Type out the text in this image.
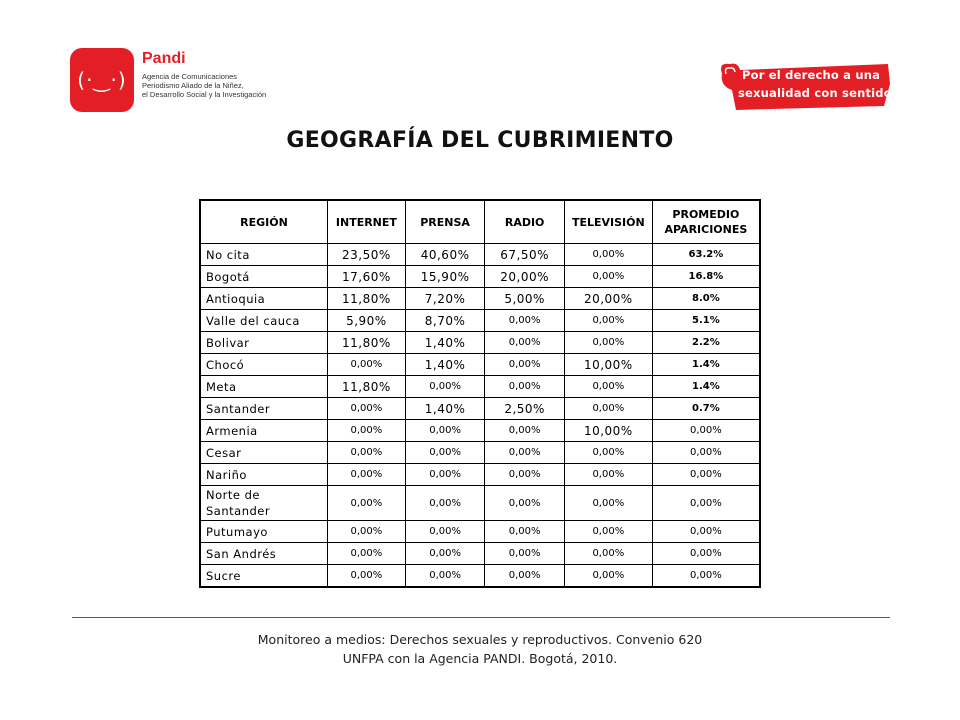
(·‿·)
Pandi
Agencia de Comunicaciones
Periodismo Aliado de la Niñez,
el Desarrollo Social y la Investigación
Por el derecho a una
sexualidad con sentido
GEOGRAFÍA DEL CUBRIMIENTO
REGIÓN	INTERNET	PRENSA	RADIO	TELEVISIÓN	PROMEDIO APARICIONES
No cita	23,50%	40,60%	67,50%	0,00%	63.2%
Bogotá	17,60%	15,90%	20,00%	0,00%	16.8%
Antioquia	11,80%	7,20%	5,00%	20,00%	8.0%
Valle del cauca	5,90%	8,70%	0,00%	0,00%	5.1%
Bolivar	11,80%	1,40%	0,00%	0,00%	2.2%
Chocó	0,00%	1,40%	0,00%	10,00%	1.4%
Meta	11,80%	0,00%	0,00%	0,00%	1.4%
Santander	0,00%	1,40%	2,50%	0,00%	0.7%
Armenia	0,00%	0,00%	0,00%	10,00%	0,00%
Cesar	0,00%	0,00%	0,00%	0,00%	0,00%
Nariño	0,00%	0,00%	0,00%	0,00%	0,00%
Norte de Santander	0,00%	0,00%	0,00%	0,00%	0,00%
Putumayo	0,00%	0,00%	0,00%	0,00%	0,00%
San Andrés	0,00%	0,00%	0,00%	0,00%	0,00%
Sucre	0,00%	0,00%	0,00%	0,00%	0,00%
Monitoreo a medios: Derechos sexuales y reproductivos. Convenio 620
UNFPA con la Agencia PANDI. Bogotá, 2010.
